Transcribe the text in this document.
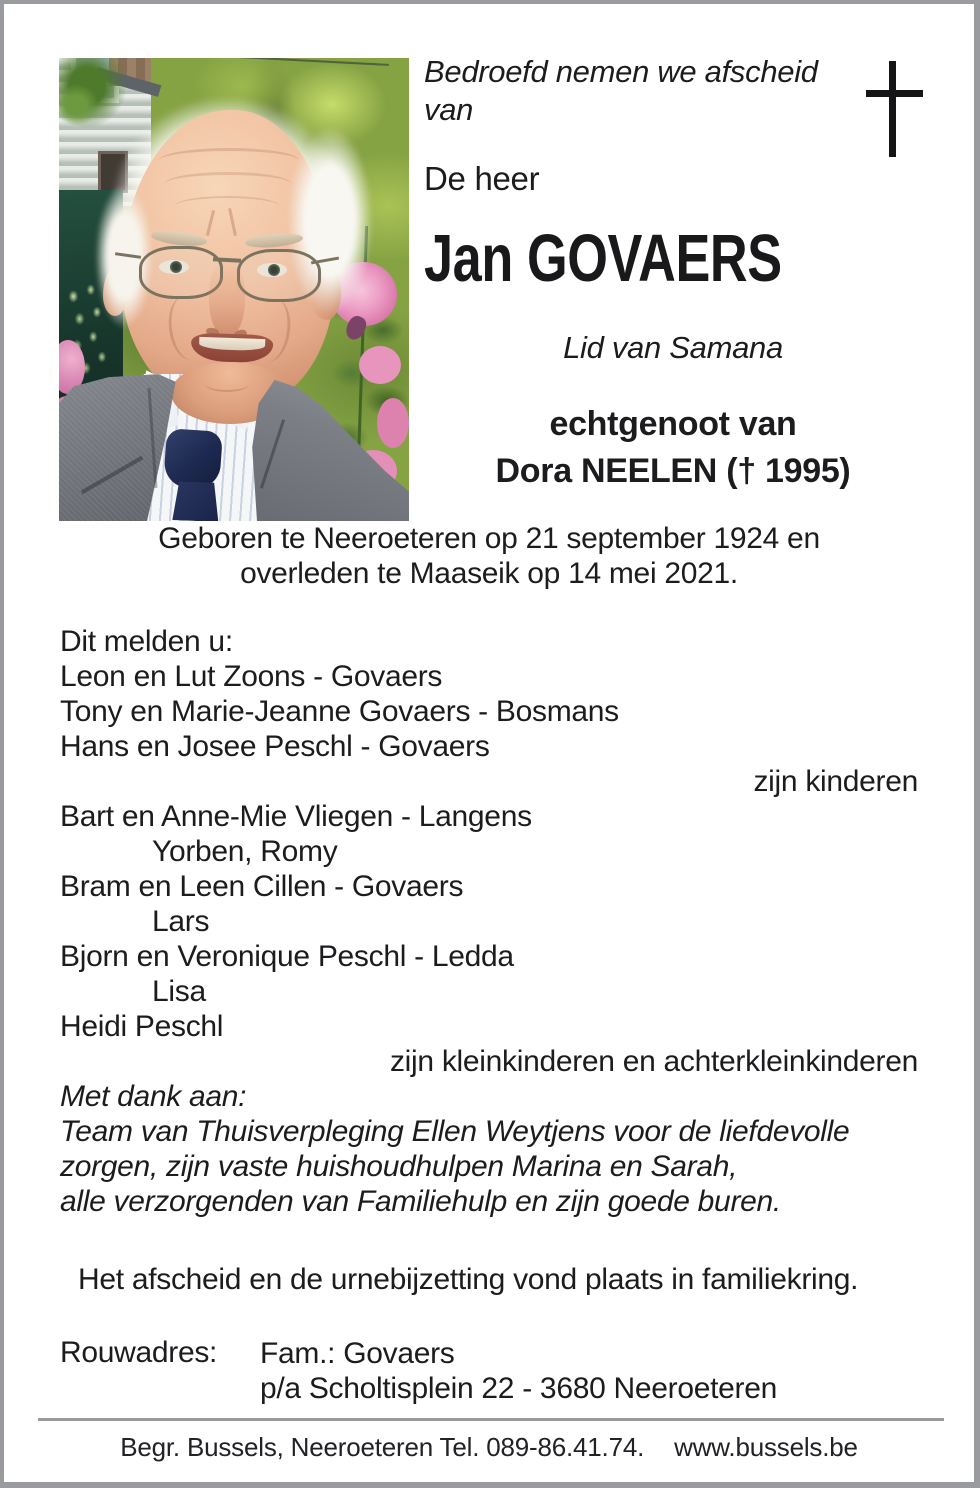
Bedroefd nemen we afscheid
van
De heer
Jan GOVAERS
Lid van Samana
echtgenoot van
Dora NEELEN († 1995)
Geboren te Neeroeteren op 21 september 1924 en
overleden te Maaseik op 14 mei 2021.
Dit melden u:
Leon en Lut Zoons - Govaers
Tony en Marie-Jeanne Govaers - Bosmans
Hans en Josee Peschl - Govaers
zijn kinderen
Bart en Anne-Mie Vliegen - Langens
Yorben, Romy
Bram en Leen Cillen - Govaers
Lars
Bjorn en Veronique Peschl - Ledda
Lisa
Heidi Peschl
zijn kleinkinderen en achterkleinkinderen
Met dank aan:
Team van Thuisverpleging Ellen Weytjens voor de liefdevolle
zorgen, zijn vaste huishoudhulpen Marina en Sarah,
alle verzorgenden van Familiehulp en zijn goede buren.
Het afscheid en de urnebijzetting vond plaats in familiekring.
Rouwadres: Fam.: Govaers
p/a Scholtisplein 22 - 3680 Neeroeteren
Begr. Bussels, Neeroeteren Tel. 089-86.41.74. www.bussels.be
